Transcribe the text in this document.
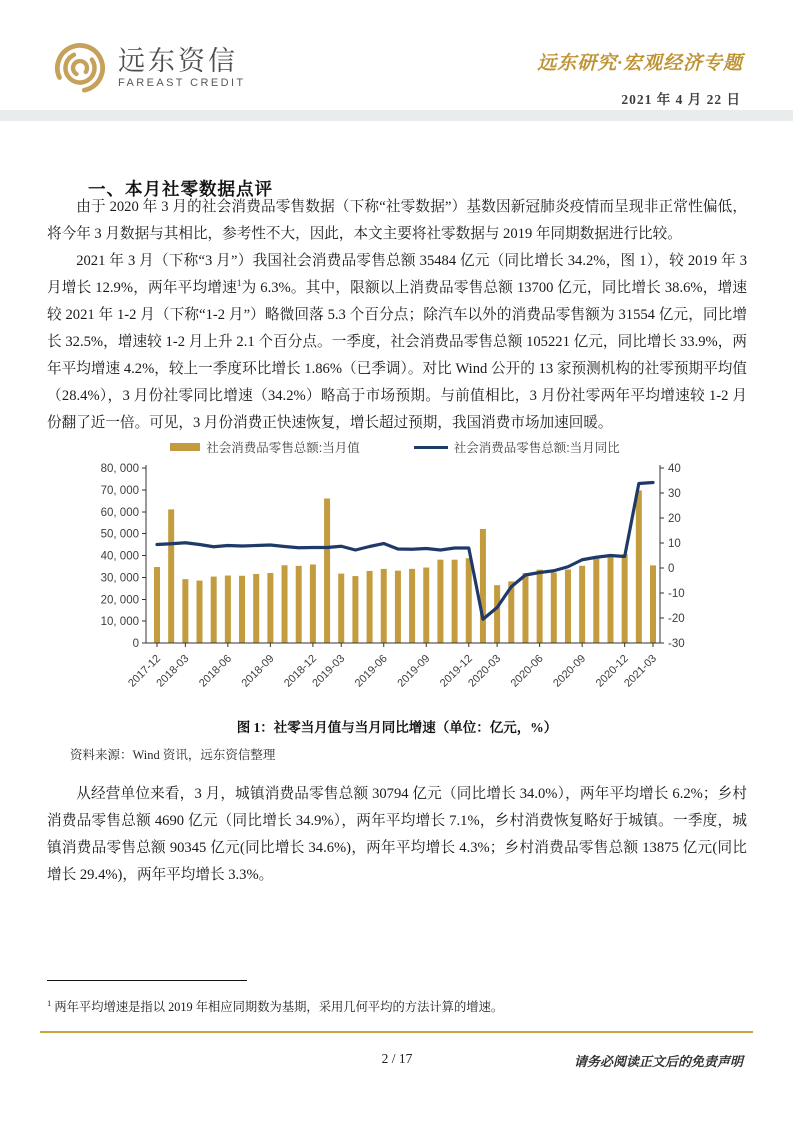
远东资信
FAREAST CREDIT
远东研究·宏观经济专题
2021 年 4 月 22 日
一、本月社零数据点评

由于 2020 年 3 月的社会消费品零售数据（下称“社零数据”）基数因新冠肺炎疫情而呈现非正常性偏低，将今年 3 月数据与其相比，参考性不大，因此，本文主要将社零数据与 2019 年同期数据进行比较。

2021 年 3 月（下称“3 月”）我国社会消费品零售总额 35484 亿元（同比增长 34.2%，图 1），较 2019 年 3 月增长 12.9%，两年平均增速$^1$为 6.3%。其中，限额以上消费品零售总额 13700 亿元，同比增长 38.6%，增速较 2021 年 1-2 月（下称“1-2 月”）略微回落 5.3 个百分点；除汽车以外的消费品零售额为 31554 亿元，同比增长 32.5%，增速较 1-2 月上升 2.1 个百分点。一季度，社会消费品零售总额 105221 亿元，同比增长 33.9%，两年平均增速 4.2%，较上一季度环比增长 1.86%（已季调）。对比 Wind 公开的 13 家预测机构的社零预期平均值（28.4%），3 月份社零同比增速（34.2%）略高于市场预期。与前值相比，3 月份社零两年平均增速较 1-2 月份翻了近一倍。可见，3 月份消费正快速恢复，增长超过预期，我国消费市场加速回暖。

社会消费品零售总额:当月值	社会消费品零售总额:当月同比
0
10, 000
20, 000
30, 000
40, 000
50, 000
60, 000
70, 000
80, 000
-30
-20
-10
0
10
20
30
40
2017-12
2018-03 2018-06 2018-09 2018-12
2019-03 2019-06 2019-09 2019-12
2020-03 2020-06 2020-09 2020-12
2021-03

图 1：社零当月值与当月同比增速（单位：亿元，%）

资料来源：Wind 资讯，远东资信整理

从经营单位来看，3 月，城镇消费品零售总额 30794 亿元（同比增长 34.0%），两年平均增长 6.2%；乡村消费品零售总额 4690 亿元（同比增长 34.9%），两年平均增长 7.1%，乡村消费恢复略好于城镇。一季度，城镇消费品零售总额 90345 亿元(同比增长 34.6%)，两年平均增长 4.3%；乡村消费品零售总额 13875 亿元(同比增长 29.4%)，两年平均增长 3.3%。

$^1$ 两年平均增速是指以 2019 年相应同期数为基期，采用几何平均的方法计算的增速。

2 / 17	请务必阅读正文后的免责声明
